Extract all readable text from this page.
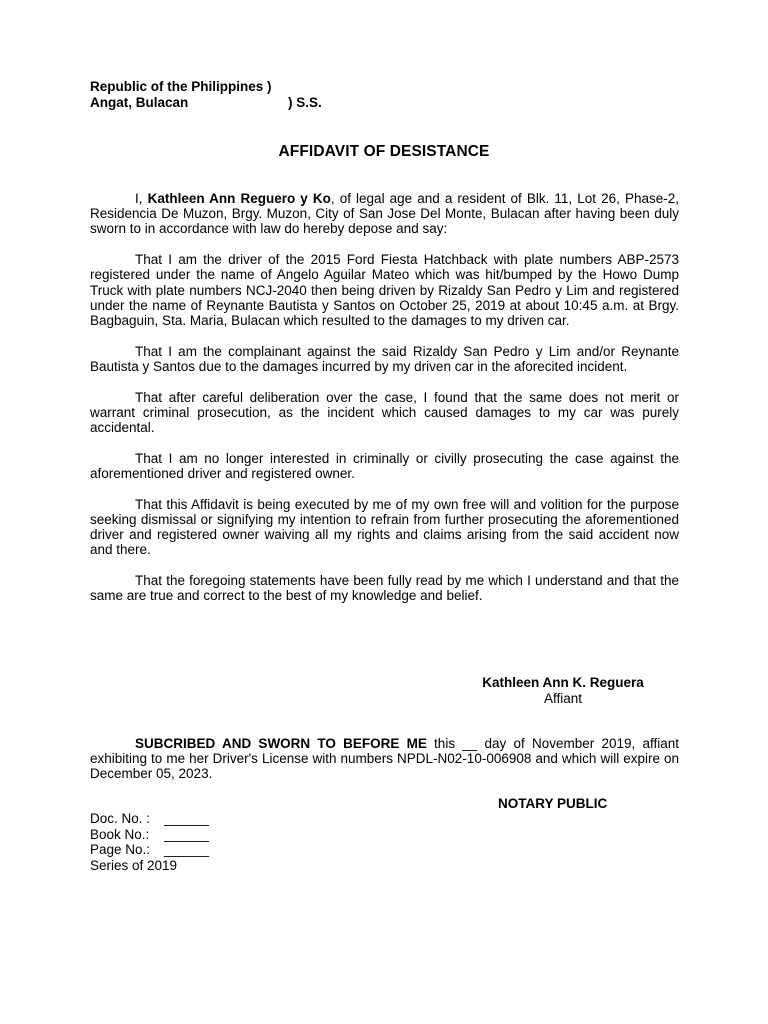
Republic of the Philippines )
Angat, Bulacan	) S.S.
AFFIDAVIT OF DESISTANCE

I, Kathleen Ann Reguero y Ko, of legal age and a resident of Blk. 11, Lot 26, Phase-2, Residencia De Muzon, Brgy. Muzon, City of San Jose Del Monte, Bulacan after having been duly sworn to in accordance with law do hereby depose and say:

That I am the driver of the 2015 Ford Fiesta Hatchback with plate numbers ABP-2573 registered under the name of Angelo Aguilar Mateo which was hit/bumped by the Howo Dump Truck with plate numbers NCJ-2040 then being driven by Rizaldy San Pedro y Lim and registered under the name of Reynante Bautista y Santos on October 25, 2019 at about 10:45 a.m. at Brgy. Bagbaguin, Sta. Maria, Bulacan which resulted to the damages to my driven car.

That I am the complainant against the said Rizaldy San Pedro y Lim and/or Reynante Bautista y Santos due to the damages incurred by my driven car in the aforecited incident.

That after careful deliberation over the case, I found that the same does not merit or warrant criminal prosecution, as the incident which caused damages to my car was purely accidental.

That I am no longer interested in criminally or civilly prosecuting the case against the aforementioned driver and registered owner.

That this Affidavit is being executed by me of my own free will and volition for the purpose seeking dismissal or signifying my intention to refrain from further prosecuting the aforementioned driver and registered owner waiving all my rights and claims arising from the said accident now and there.

That the foregoing statements have been fully read by me which I understand and that the same are true and correct to the best of my knowledge and belief.

Kathleen Ann K. Reguera
Affiant
SUBCRIBED AND SWORN TO BEFORE ME this __ day of November 2019, affiant exhibiting to me her Driver's License with numbers NPDL-N02-10-006908 and which will expire on December 05, 2023.
NOTARY PUBLIC
Doc. No. :	______
Book No.:	______
Page No.:	______
Series of 2019
